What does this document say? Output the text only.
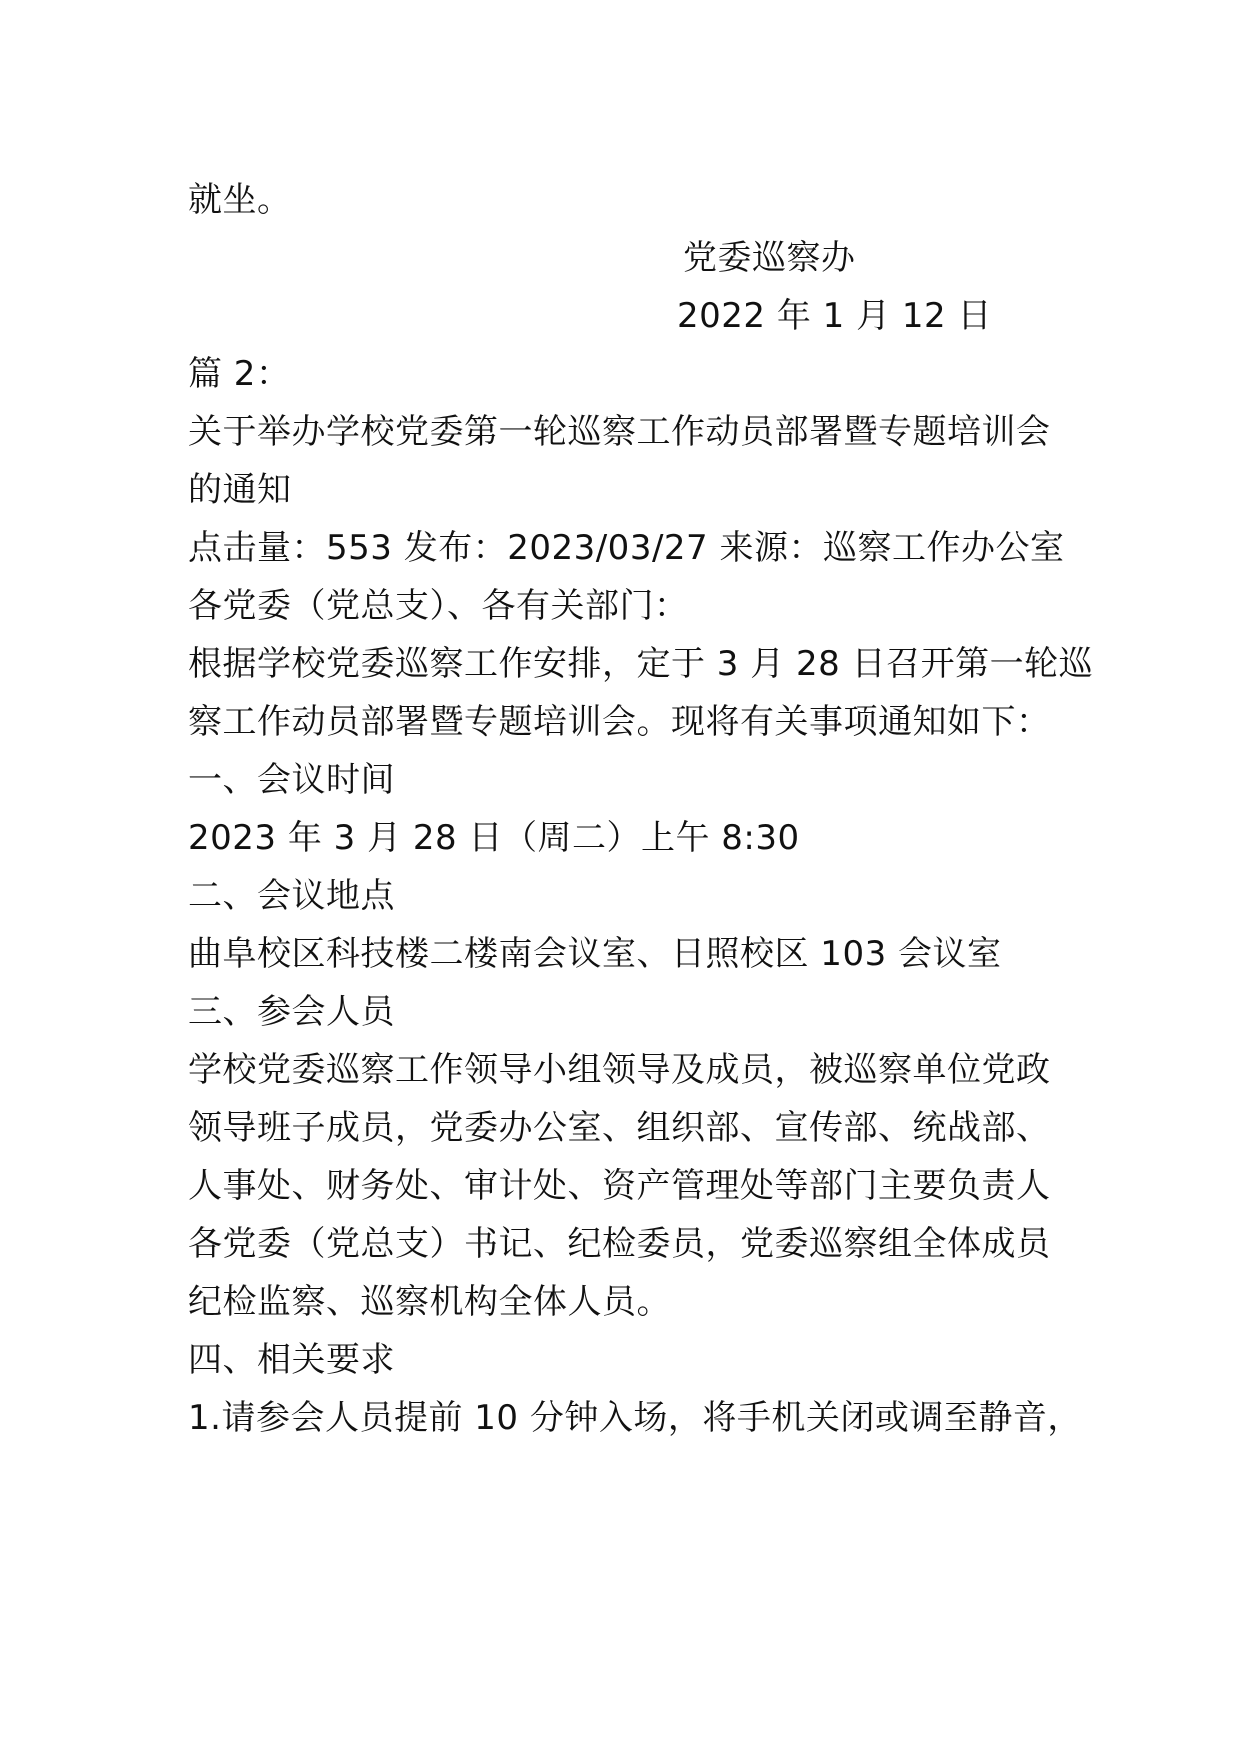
就坐。
党委巡察办
2022 年 1 月 12 日
篇 2：
关于举办学校党委第一轮巡察工作动员部署暨专题培训会
的通知
点击量：553 发布：2023/03/27 来源：巡察工作办公室
各党委（党总支）、各有关部门：
根据学校党委巡察工作安排，定于 3 月 28 日召开第一轮巡
察工作动员部署暨专题培训会。现将有关事项通知如下：
一、会议时间
2023 年 3 月 28 日（周二）上午 8:30
二、会议地点
曲阜校区科技楼二楼南会议室、日照校区 103 会议室
三、参会人员
学校党委巡察工作领导小组领导及成员，被巡察单位党政
领导班子成员，党委办公室、组织部、宣传部、统战部、
人事处、财务处、审计处、资产管理处等部门主要负责人
各党委（党总支）书记、纪检委员，党委巡察组全体成员
纪检监察、巡察机构全体人员。
四、相关要求
1.请参会人员提前 10 分钟入场，将手机关闭或调至静音，
